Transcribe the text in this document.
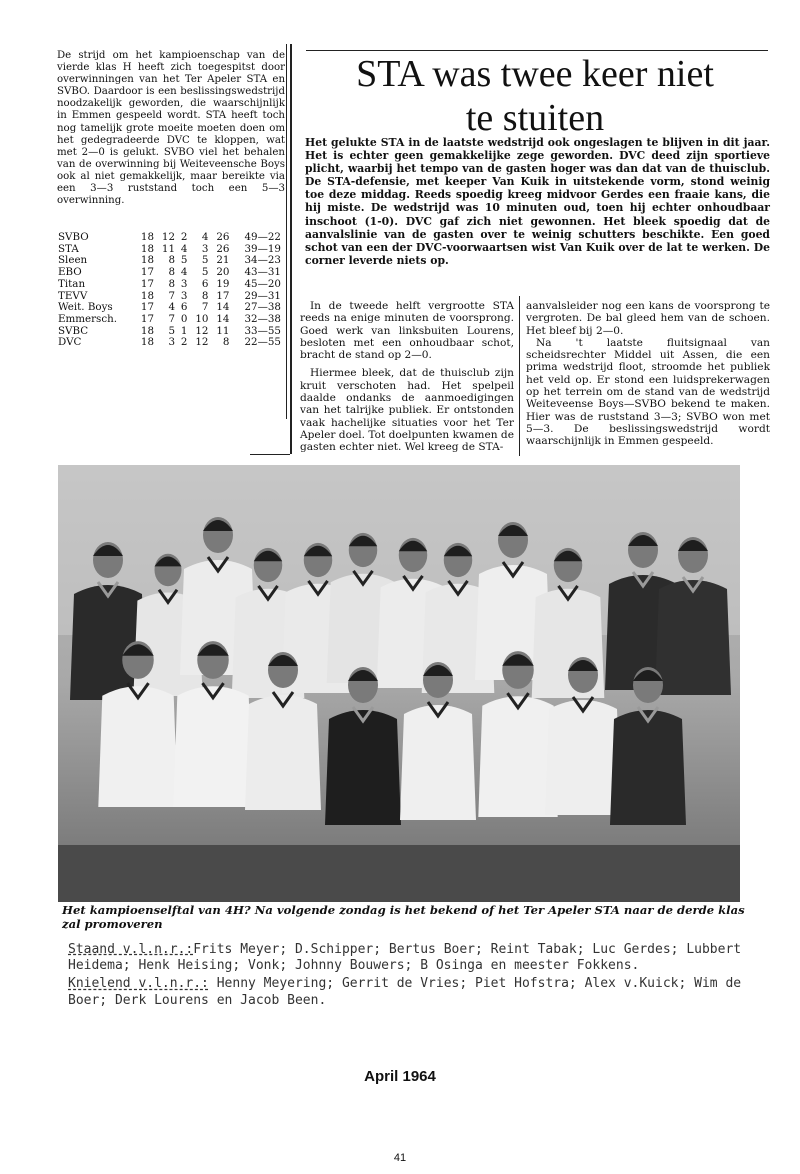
De strijd om het kampioenschap van de vierde klas H heeft zich toegespitst door overwinningen van het Ter Apeler STA en SVBO. Daardoor is een beslissingswedstrijd noodzakelijk geworden, die waarschijnlijk in Emmen gespeeld wordt. STA heeft toch nog tamelijk grote moeite moeten doen om het gedegradeerde DVC te kloppen, wat met 2—0 is gelukt. SVBO viel het behalen van de overwinning bij Weiteveensche Boys ook al niet gemakkelijk, maar bereikte via een 3—3 ruststand toch een 5—3 overwinning.
SVBO	18	12	2	4	26	49—22
STA	18	11	4	3	26	39—19
Sleen	18	8	5	5	21	34—23
EBO	17	8	4	5	20	43—31
Titan	17	8	3	6	19	45—20
TEVV	18	7	3	8	17	29—31
Weit. Boys	17	4	6	7	14	27—38
Emmersch.	17	7	0	10	14	32—38
SVBC	18	5	1	12	11	33—55
DVC	18	3	2	12	8	22—55
STA was twee keer niet
te stuiten
Het gelukte STA in de laatste wedstrijd ook ongeslagen te blijven in dit jaar. Het is echter geen gemakkelijke zege geworden. DVC deed zijn sportieve plicht, waarbij het tempo van de gasten hoger was dan dat van de thuisclub. De STA-defensie, met keeper Van Kuik in uitstekende vorm, stond weinig toe deze middag. Reeds spoedig kreeg midvoor Gerdes een fraaie kans, die hij miste. De wedstrijd was 10 minuten oud, toen hij echter onhoudbaar inschoot (1-0). DVC gaf zich niet gewonnen. Het bleek spoedig dat de aanvalslinie van de gasten over te weinig schutters beschikte. Een goed schot van een der DVC-voorwaartsen wist Van Kuik over de lat te werken. De corner leverde niets op.

In de tweede helft vergrootte STA reeds na enige minuten de voorsprong. Goed werk van linksbuiten Lourens, besloten met een onhoudbaar schot, bracht de stand op 2—0.

Hiermee bleek, dat de thuisclub zijn kruit verschoten had. Het spelpeil daalde ondanks de aanmoedigingen van het talrijke publiek. Er ontstonden vaak hachelijke situaties voor het Ter Apeler doel. Tot doelpunten kwamen de gasten echter niet. Wel kreeg de STA-

aanvalsleider nog een kans de voorsprong te vergroten. De bal gleed hem van de schoen. Het bleef bij 2—0.

Na 't laatste fluitsignaal van scheidsrechter Middel uit Assen, die een prima wedstrijd floot, stroomde het publiek het veld op. Er stond een luidsprekerwagen op het terrein om de stand van de wedstrijd Weiteveense Boys—SVBO bekend te maken. Hier was de ruststand 3—3; SVBO won met 5—3. De beslissingswedstrijd wordt waarschijnlijk in Emmen gespeeld.

Het kampioenselftal van 4H? Na volgende zondag is het bekend of het Ter Apeler STA naar de derde klas zal promoveren
Staand v.l.n.r.:Frits Meyer; D.Schipper; Bertus Boer; Reint Tabak; Luc Gerdes; Lubbert Heidema; Henk Heising; Vonk; Johnny Bouwers; B Osinga en meester Fokkens.
Knielend v.l.n.r.: Henny Meyering; Gerrit de Vries; Piet Hofstra; Alex v.Kuick; Wim de Boer; Derk Lourens en Jacob Been.
April 1964
41
